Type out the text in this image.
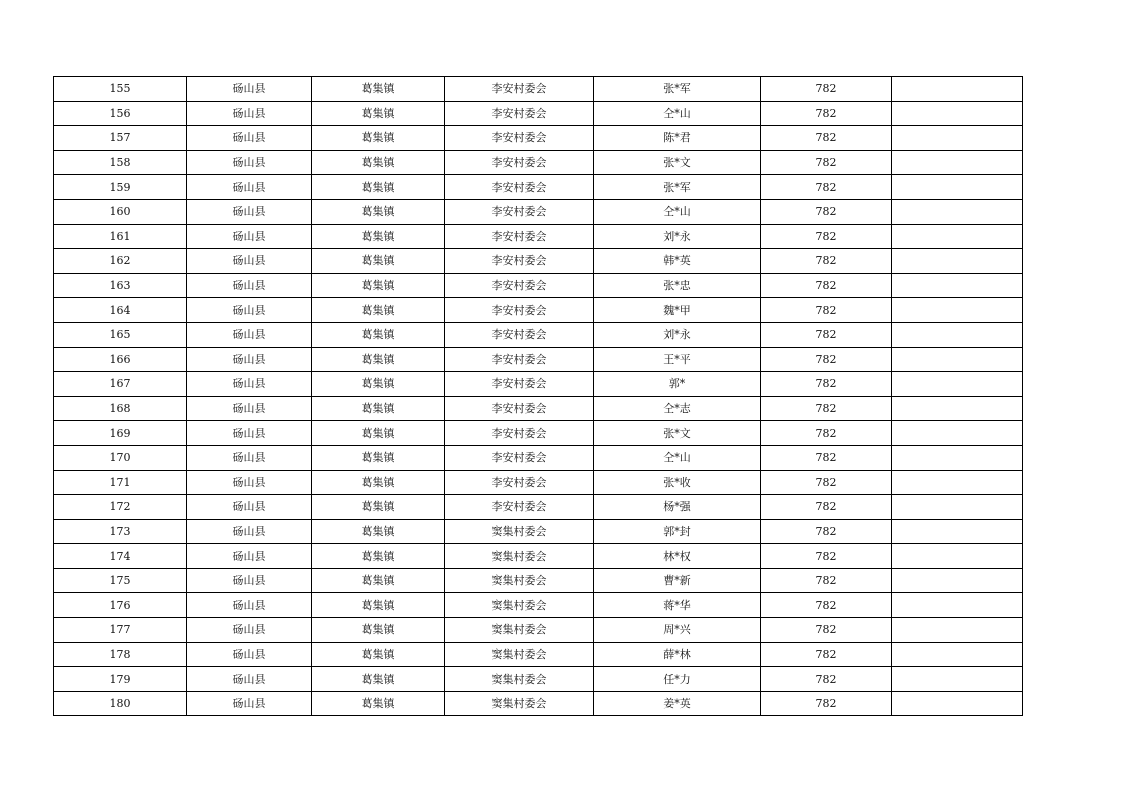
155	砀山县	葛集镇	李安村委会	张*军	782	
156	砀山县	葛集镇	李安村委会	仝*山	782	
157	砀山县	葛集镇	李安村委会	陈*君	782	
158	砀山县	葛集镇	李安村委会	张*文	782	
159	砀山县	葛集镇	李安村委会	张*军	782	
160	砀山县	葛集镇	李安村委会	仝*山	782	
161	砀山县	葛集镇	李安村委会	刘*永	782	
162	砀山县	葛集镇	李安村委会	韩*英	782	
163	砀山县	葛集镇	李安村委会	张*忠	782	
164	砀山县	葛集镇	李安村委会	魏*甲	782	
165	砀山县	葛集镇	李安村委会	刘*永	782	
166	砀山县	葛集镇	李安村委会	王*平	782	
167	砀山县	葛集镇	李安村委会	郭*	782	
168	砀山县	葛集镇	李安村委会	仝*志	782	
169	砀山县	葛集镇	李安村委会	张*文	782	
170	砀山县	葛集镇	李安村委会	仝*山	782	
171	砀山县	葛集镇	李安村委会	张*收	782	
172	砀山县	葛集镇	李安村委会	杨*强	782	
173	砀山县	葛集镇	窦集村委会	郭*封	782	
174	砀山县	葛集镇	窦集村委会	林*权	782	
175	砀山县	葛集镇	窦集村委会	曹*新	782	
176	砀山县	葛集镇	窦集村委会	蒋*华	782	
177	砀山县	葛集镇	窦集村委会	周*兴	782	
178	砀山县	葛集镇	窦集村委会	薛*林	782	
179	砀山县	葛集镇	窦集村委会	任*力	782	
180	砀山县	葛集镇	窦集村委会	姜*英	782	
